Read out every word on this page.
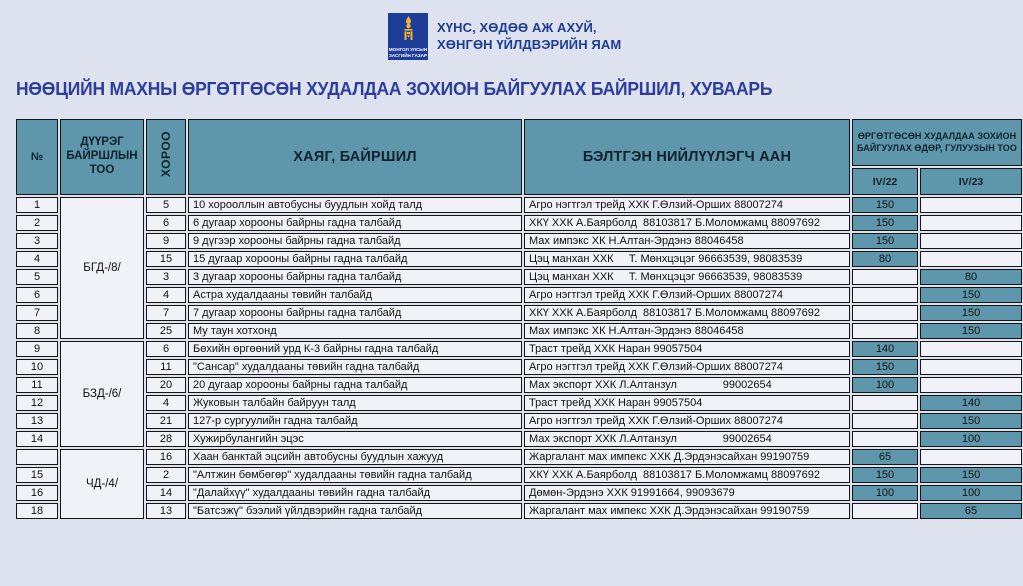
МОНГОЛ УЛСЫН
ЗАСГИЙН ГАЗАР
ХҮНС, ХӨДӨӨ АЖ АХУЙ,
ХӨНГӨН ҮЙЛДВЭРИЙН ЯАМ
НӨӨЦИЙН МАХНЫ ӨРГӨТГӨСӨН ХУДАЛДАА ЗОХИОН БАЙГУУЛАХ БАЙРШИЛ, ХУВААРЬ
№	ДҮҮРЭГ БАЙРШЛЫН ТОО	ХОРОО	ХАЯГ, БАЙРШИЛ	БЭЛТГЭН НИЙЛҮҮЛЭГЧ ААН	ӨРГӨТГӨСӨН ХУДАЛДАА ЗОХИОН БАЙГУУЛАХ ӨДӨР, ГУЛУУЗЫН ТОО	
					IV/22	IV/23
1	БГД-/8/	5	10 хорооллын автобусны буудлын хойд талд	Агро нэгтгэл трейд ХХК Г.Өлзий-Орших 88007274	150	
2		6	6 дугаар хорооны байрны гадна талбайд	ХКҮ ХХК А.Баярболд  88103817 Б.Моломжамц 88097692	150	
3		9	9 дүгээр хорооны байрны гадна талбайд	Мах импэкс ХК Н.Алтан-Эрдэнэ 88046458	150	
4		15	15 дугаар хорооны байрны гадна талбайд	Цэц манхан ХХК     Т. Мөнхцэцэг 96663539, 98083539	80	
5		3	3 дугаар хорооны байрны гадна талбайд	Цэц манхан ХХК     Т. Мөнхцэцэг 96663539, 98083539		80
6		4	Астра худалдааны төвийн талбайд	Агро нэгтгэл трейд ХХК Г.Өлзий-Орших 88007274		150
7		7	7 дугаар хорооны байрны гадна талбайд	ХКҮ ХХК А.Баярболд  88103817 Б.Моломжамц 88097692		150
8		25	Му таун хотхонд	Мах импэкс ХК Н.Алтан-Эрдэнэ 88046458		150
9	БЗД-/6/	6	Бөхийн өргөөний урд К-3 байрны гадна талбайд	Траст трейд ХХК Наран 99057504	140	
10		11	"Сансар" худалдааны төвийн гадна талбайд	Агро нэгтгэл трейд ХХК Г.Өлзий-Орших 88007274	150	
11		20	20 дугаар хорооны байрны гадна талбайд	Мах экспорт ХХК Л.Алтанзул               99002654	100	
12		4	Жуковын талбайн байруун талд	Траст трейд ХХК Наран 99057504		140
13		21	127-р сургуулийн гадна талбайд	Агро нэгтгэл трейд ХХК Г.Өлзий-Орших 88007274		150
14		28	Хужирбулангийн эцэс	Мах экспорт ХХК Л.Алтанзул               99002654		100
	ЧД-/4/	16	Хаан банктай эцсийн автобусны буудлын хажууд	Жаргалант мах импекс ХХК Д.Эрдэнэсайхан 99190759	65	
15		2	"Алтжин бөмбөгөр" худалдааны төвийн гадна талбайд	ХКҮ ХХК А.Баярболд  88103817 Б.Моломжамц 88097692	150	150
16		14	"Далайхүү" худалдааны төвийн гадна талбайд	Дөмөн-Эрдэнэ ХХК 91991664, 99093679	100	100
18		13	"Батсэжү" бээлий үйлдвэрийн гадна талбайд	Жаргалант мах импекс ХХК Д.Эрдэнэсайхан 99190759		65
